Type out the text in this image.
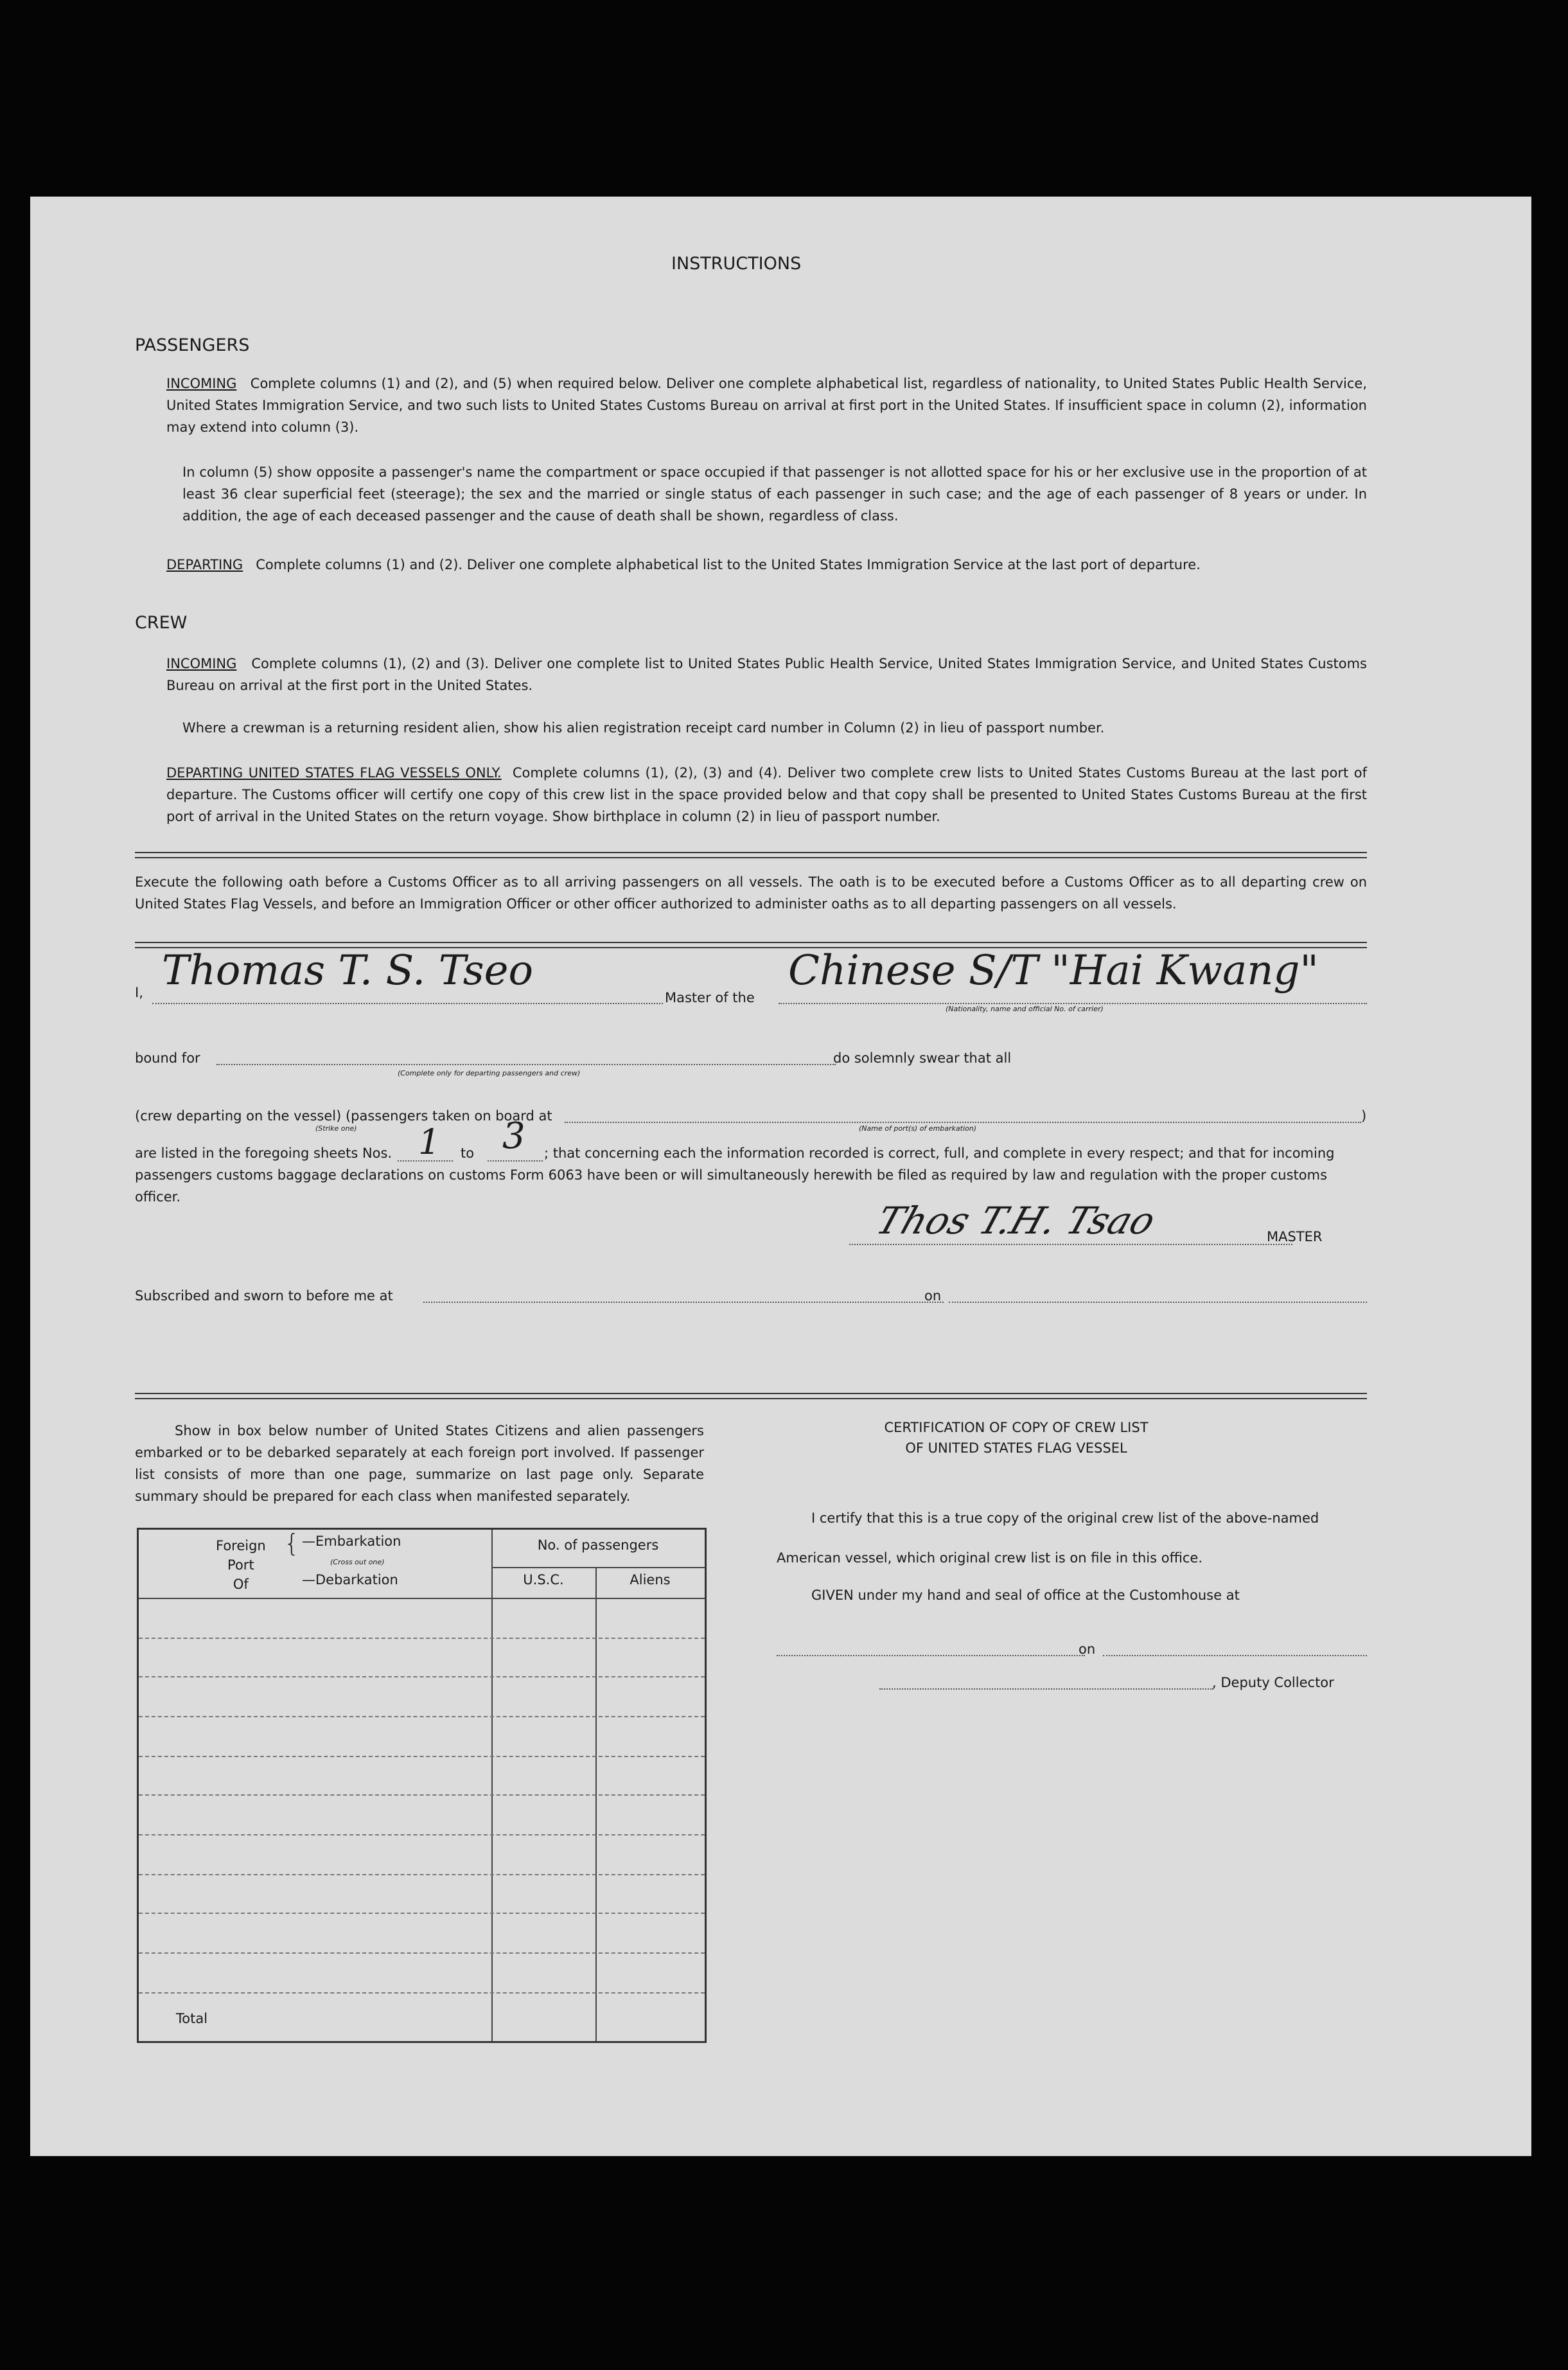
INSTRUCTIONS
PASSENGERS
INCOMING Complete columns (1) and (2), and (5) when required below. Deliver one complete alphabetical list, regardless of nationality, to United States Public Health Service, United States Immigration Service, and two such lists to United States Customs Bureau on arrival at first port in the United States. If insufficient space in column (2), information may extend into column (3).
In column (5) show opposite a passenger's name the compartment or space occupied if that passenger is not allotted space for his or her exclusive use in the proportion of at least 36 clear superficial feet (steerage); the sex and the married or single status of each passenger in such case; and the age of each passenger of 8 years or under. In addition, the age of each deceased passenger and the cause of death shall be shown, regardless of class.
DEPARTING Complete columns (1) and (2). Deliver one complete alphabetical list to the United States Immigration Service at the last port of departure.
CREW
INCOMING Complete columns (1), (2) and (3). Deliver one complete list to United States Public Health Service, United States Immigration Service, and United States Customs Bureau on arrival at the first port in the United States.
Where a crewman is a returning resident alien, show his alien registration receipt card number in Column (2) in lieu of passport number.
DEPARTING UNITED STATES FLAG VESSELS ONLY. Complete columns (1), (2), (3) and (4). Deliver two complete crew lists to United States Customs Bureau at the last port of departure. The Customs officer will certify one copy of this crew list in the space provided below and that copy shall be presented to United States Customs Bureau at the first port of arrival in the United States on the return voyage. Show birthplace in column (2) in lieu of passport number.
Execute the following oath before a Customs Officer as to all arriving passengers on all vessels. The oath is to be executed before a Customs Officer as to all departing crew on United States Flag Vessels, and before an Immigration Officer or other officer authorized to administer oaths as to all departing passengers on all vessels.
I, Thomas T. S. Tseo
Master of the
Chinese S/T "Hai Kwang"
(Nationality, name and official No. of carrier)
bound for
(Complete only for departing passengers and crew)
do solemnly swear that all
(crew departing on the vessel) (passengers taken on board at	)
(Strike one)	(Name of port(s) of embarkation)
are listed in the foregoing sheets Nos. 1 to 3 ; that concerning each the information recorded is correct, full, and complete in every respect; and that for incoming
passengers customs baggage declarations on customs Form 6063 have been or will simultaneously herewith be filed as required by law and regulation with the proper customs
officer.
Thos T.H. Tsao	MASTER
Subscribed and sworn to before me at	on
Show in box below number of United States Citizens and alien passengers embarked or to be debarked separately at each foreign port involved. If passenger list consists of more than one page, summarize on last page only. Separate summary should be prepared for each class when manifested separately.
Foreign
Port
Of
{ —Embarkation
(Cross out one)
—Debarkation
No. of passengers
U.S.C.	Aliens
Total
CERTIFICATION OF COPY OF CREW LIST
OF UNITED STATES FLAG VESSEL
I certify that this is a true copy of the original crew list of the above-named
American vessel, which original crew list is on file in this office.
GIVEN under my hand and seal of office at the Customhouse at
on
, Deputy Collector
